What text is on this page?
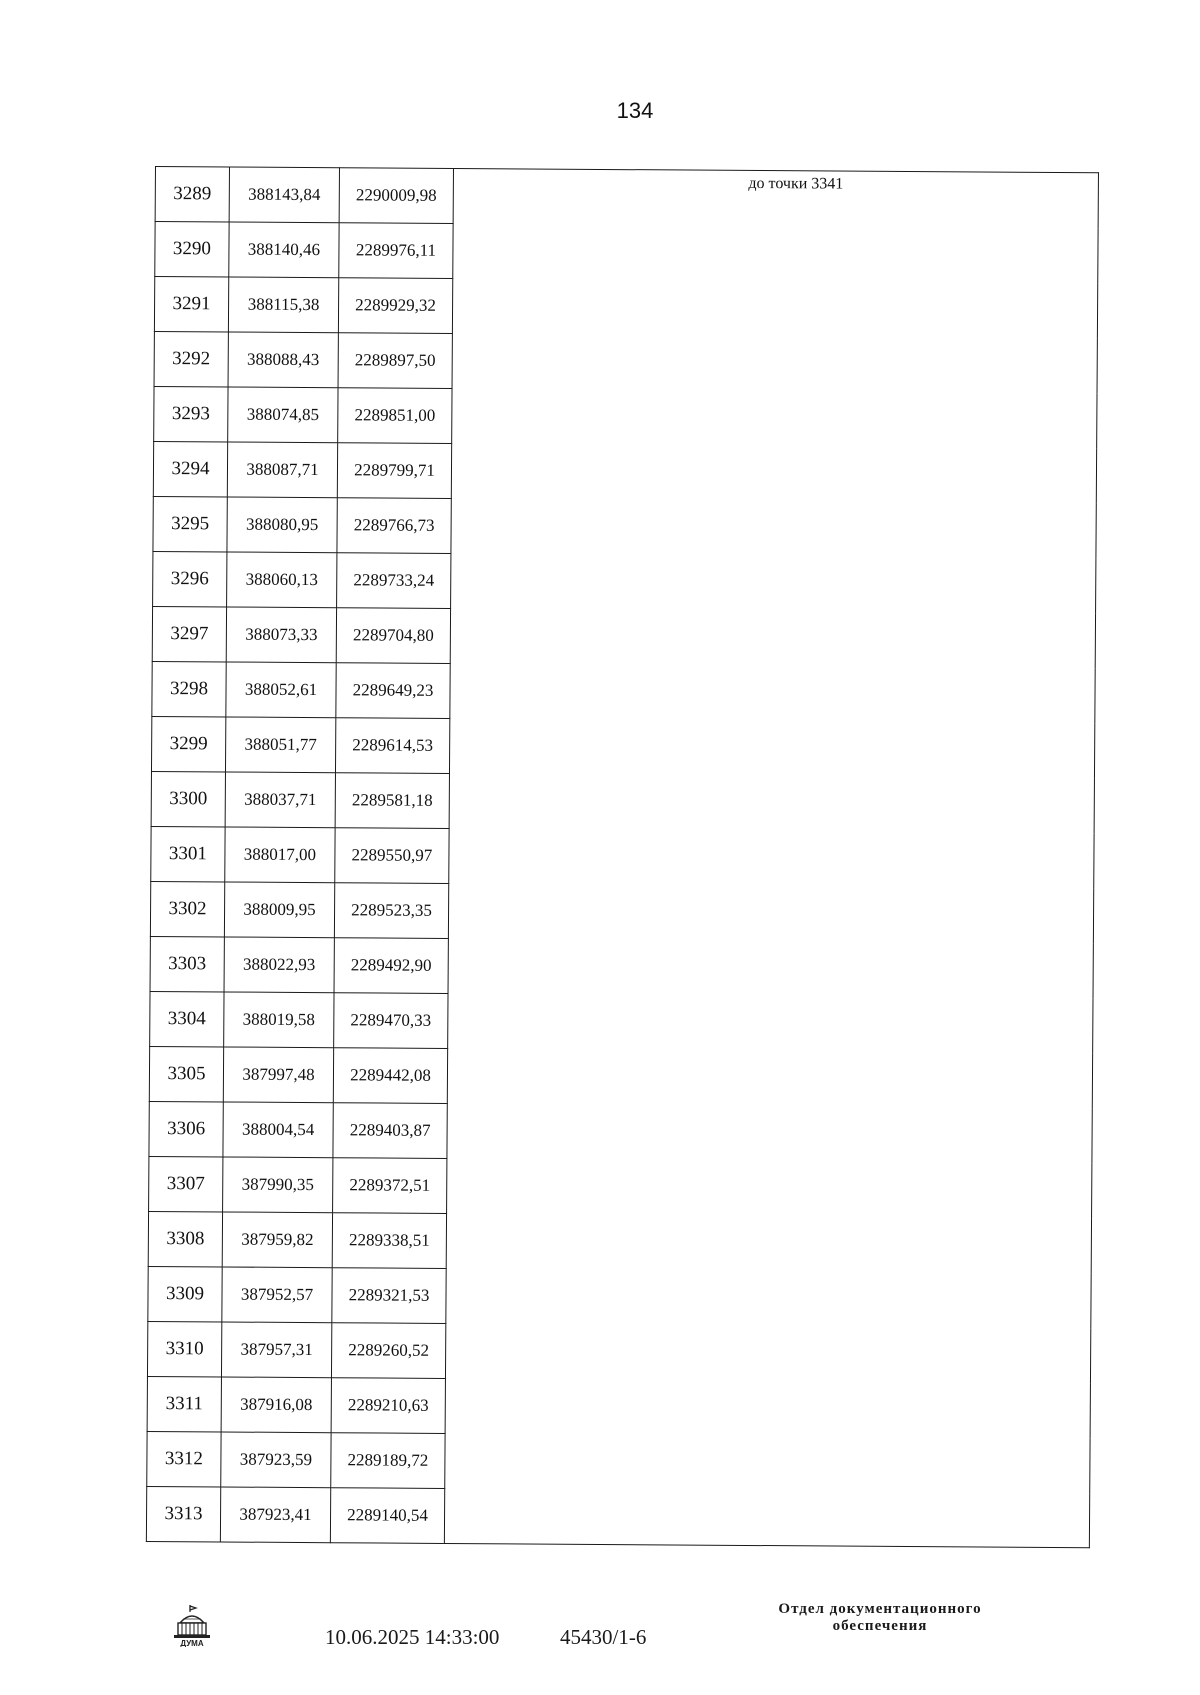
134
3289	388143,84	2290009,98	до точки 3341
3290	388140,46	2289976,11	
3291	388115,38	2289929,32	
3292	388088,43	2289897,50	
3293	388074,85	2289851,00	
3294	388087,71	2289799,71	
3295	388080,95	2289766,73	
3296	388060,13	2289733,24	
3297	388073,33	2289704,80	
3298	388052,61	2289649,23	
3299	388051,77	2289614,53	
3300	388037,71	2289581,18	
3301	388017,00	2289550,97	
3302	388009,95	2289523,35	
3303	388022,93	2289492,90	
3304	388019,58	2289470,33	
3305	387997,48	2289442,08	
3306	388004,54	2289403,87	
3307	387990,35	2289372,51	
3308	387959,82	2289338,51	
3309	387952,57	2289321,53	
3310	387957,31	2289260,52	
3311	387916,08	2289210,63	
3312	387923,59	2289189,72	
3313	387923,41	2289140,54	
ДУМА	10.06.2025 14:33:00	45430/1-6
Отдел документационного
обеспечения
